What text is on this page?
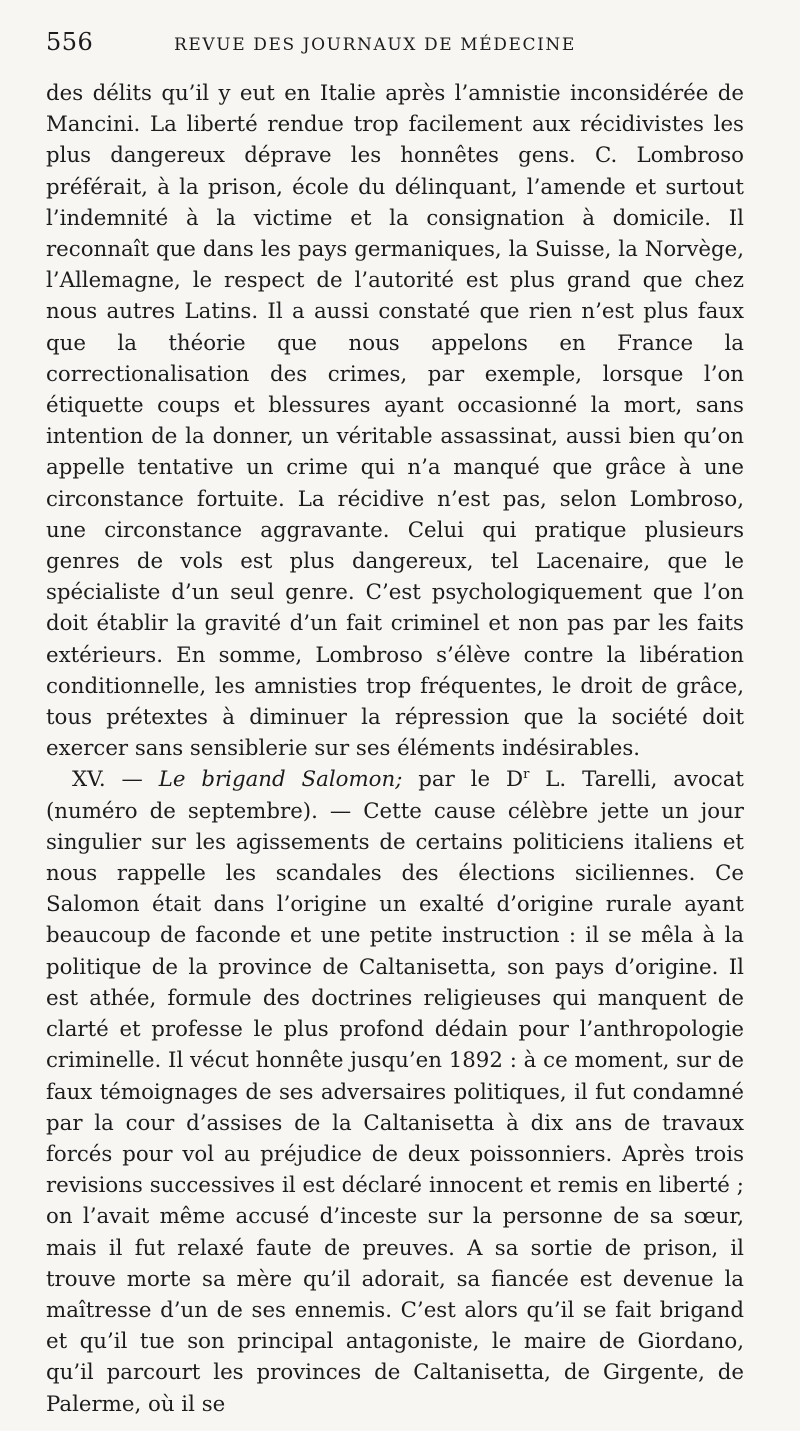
556	REVUE DES JOURNAUX DE MÉDECINE

des délits qu’il y eut en Italie après l’amnistie inconsidérée de Mancini. La liberté rendue trop facilement aux récidivistes les plus dangereux déprave les honnêtes gens. C. Lombroso préférait, à la prison, école du délinquant, l’amende et surtout l’indemnité à la victime et la consignation à domicile. Il reconnaît que dans les pays germaniques, la Suisse, la Norvège, l’Allemagne, le respect de l’autorité est plus grand que chez nous autres Latins. Il a aussi constaté que rien n’est plus faux que la théorie que nous appelons en France la correctionalisation des crimes, par exemple, lorsque l’on étiquette coups et blessures ayant occasionné la mort, sans intention de la donner, un véritable assassinat, aussi bien qu’on appelle tentative un crime qui n’a manqué que grâce à une circonstance fortuite. La récidive n’est pas, selon Lombroso, une circonstance aggravante. Celui qui pratique plusieurs genres de vols est plus dangereux, tel Lacenaire, que le spécialiste d’un seul genre. C’est psychologiquement que l’on doit établir la gravité d’un fait criminel et non pas par les faits extérieurs. En somme, Lombroso s’élève contre la libération conditionnelle, les amnisties trop fréquentes, le droit de grâce, tous prétextes à diminuer la répression que la société doit exercer sans sensiblerie sur ses éléments indésirables.

XV. — Le brigand Salomon; par le $D^r$ L. Tarelli, avocat (numéro de septembre). — Cette cause célèbre jette un jour singulier sur les agissements de certains politiciens italiens et nous rappelle les scandales des élections siciliennes. Ce Salomon était dans l’origine un exalté d’origine rurale ayant beaucoup de faconde et une petite instruction : il se mêla à la politique de la province de Caltanisetta, son pays d’origine. Il est athée, formule des doctrines religieuses qui manquent de clarté et professe le plus profond dédain pour l’anthropologie criminelle. Il vécut honnête jusqu’en 1892 : à ce moment, sur de faux témoignages de ses adversaires politiques, il fut condamné par la cour d’assises de la Caltanisetta à dix ans de travaux forcés pour vol au préjudice de deux poissonniers. Après trois revisions successives il est déclaré innocent et remis en liberté ; on l’avait même accusé d’inceste sur la personne de sa sœur, mais il fut relaxé faute de preuves. A sa sortie de prison, il trouve morte sa mère qu’il adorait, sa fiancée est devenue la maîtresse d’un de ses ennemis. C’est alors qu’il se fait brigand et qu’il tue son principal antagoniste, le maire de Giordano, qu’il parcourt les provinces de Caltanisetta, de Girgente, de Palerme, où il se
